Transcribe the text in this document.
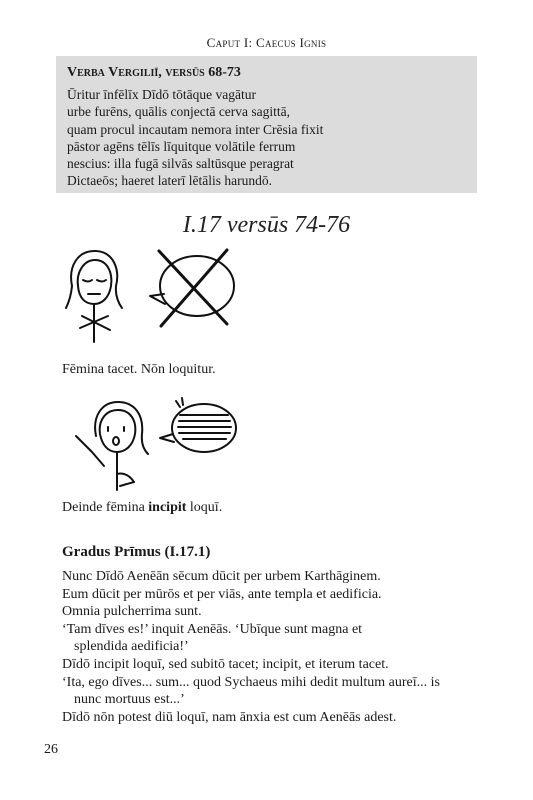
Caput I: Caecus Ignis
Verba Vergiliī, versūs 68-73
Ūritur īnfēlīx Dīdō tōtāque vagātur
urbe furēns, quālis conjectā cerva sagittā,
quam procul incautam nemora inter Crēsia fixit
pāstor agēns tēlīs līquitque volātile ferrum
nescius: illa fugā silvās saltūsque peragrat
Dictaeōs; haeret laterī lētālis harundō.
I.17 versūs 74-76
Fēmina tacet. Nōn loquitur.
Deinde fēmina incipit loquī.
Gradus Prīmus (I.17.1)
Nunc Dīdō Aenēān sēcum dūcit per urbem Karthāginem.
Eum dūcit per mūrōs et per viās, ante templa et aedificia.
Omnia pulcherrima sunt.
‘Tam dīves es!’ inquit Aenēās. ‘Ubīque sunt magna et
splendida aedificia!’
Dīdō incipit loquī, sed subitō tacet; incipit, et iterum tacet.
‘Ita, ego dīves... sum... quod Sychaeus mihi dedit multum aureī... is
nunc mortuus est...’
Dīdō nōn potest diū loquī, nam ānxia est cum Aenēās adest.
26
